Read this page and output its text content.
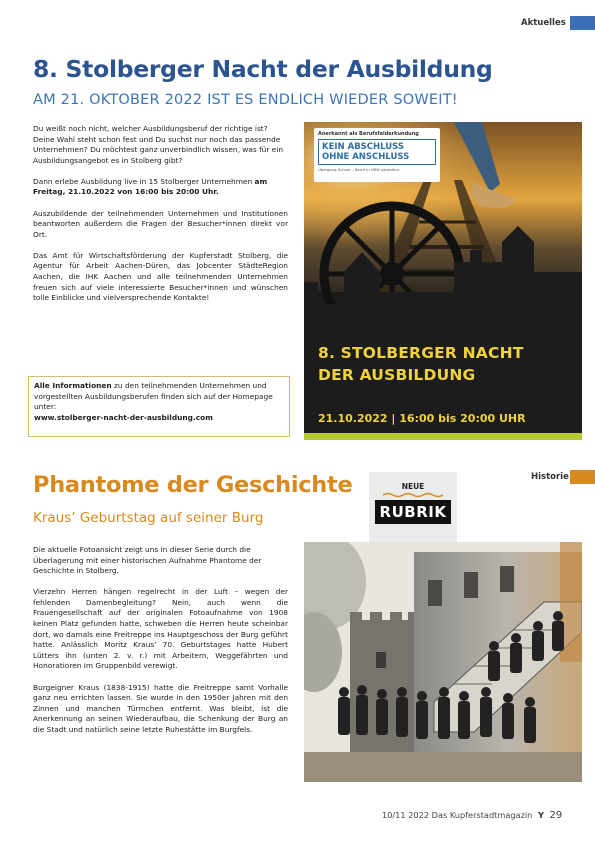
Aktuelles
8. Stolberger Nacht der Ausbildung
AM 21. OKTOBER 2022 IST ES ENDLICH WIEDER SOWEIT!

Du weißt noch nicht, welcher Ausbildungsberuf der richtige ist? Deine Wahl steht schon fest und Du suchst nur noch das passende Unternehmen? Du möchtest ganz unverbindlich wissen, was für ein Ausbildungsangebot es in Stolberg gibt?

Dann erlebe Ausbildung live in 15 Stolberger Unternehmen am Freitag, 21.10.2022 von 16:00 bis 20:00 Uhr.

Auszubildende der teilnehmenden Unternehmen und Institutionen beantworten außerdem die Fragen der Besucher*innen direkt vor Ort.

Das Amt für Wirtschaftsförderung der Kupferstadt Stolberg, die Agentur für Arbeit Aachen-Düren, das Jobcenter StädteRegion Aachen, die IHK Aachen und alle teilnehmenden Unternehmen freuen sich auf viele interessierte Besucher*innen und wünschen tolle Einblicke und vielversprechende Kontakte!

Alle Informationen zu den teilnehmenden Unternehmen und vorgestellten Ausbildungsberufen finden sich auf der Homepage unter:
www.stolberger-nacht-der-ausbildung.com
Anerkannt als Berufsfelderkundung
KEIN ABSCHLUSS
OHNE ANSCHLUSS
Übergang Schule – Beruf in NRW gestalten.
8. STOLBERGER NACHT
DER AUSBILDUNG
21.10.2022 | 16:00 bis 20:00 UHR
Historie
Phantome der Geschichte
Kraus’ Geburtstag auf seiner Burg
NEUE
RUBRIK

Die aktuelle Fotoansicht zeigt uns in dieser Serie durch die Überlagerung mit einer historischen Aufnahme Phantome der Geschichte in Stolberg.

Vierzehn Herren hängen regelrecht in der Luft – wegen der fehlenden Damenbegleitung? Nein, auch wenn die Frauengesellschaft auf der originalen Fotoaufnahme von 1908 keinen Platz gefunden hatte, schweben die Herren heute scheinbar dort, wo damals eine Freitreppe ins Hauptgeschoss der Burg geführt hatte. Anlässlich Moritz Kraus’ 70. Geburtstages hatte Hubert Lütters ihn (unten 2. v. r.) mit Arbeitern, Weggefährten und Honoratioren im Gruppenbild verewigt.

Burgeigner Kraus (1838-1915) hatte die Freitreppe samt Vorhalle ganz neu errichten lassen. Sie wurde in den 1950er Jahren mit den Zinnen und manchen Türmchen entfernt. Was bleibt, ist die Anerkennung an seinen Wiederaufbau, die Schenkung der Burg an die Stadt und natürlich seine letzte Ruhestätte im Burgfels.

10/11 2022 Das Kupferstadtmagazin Y 29
